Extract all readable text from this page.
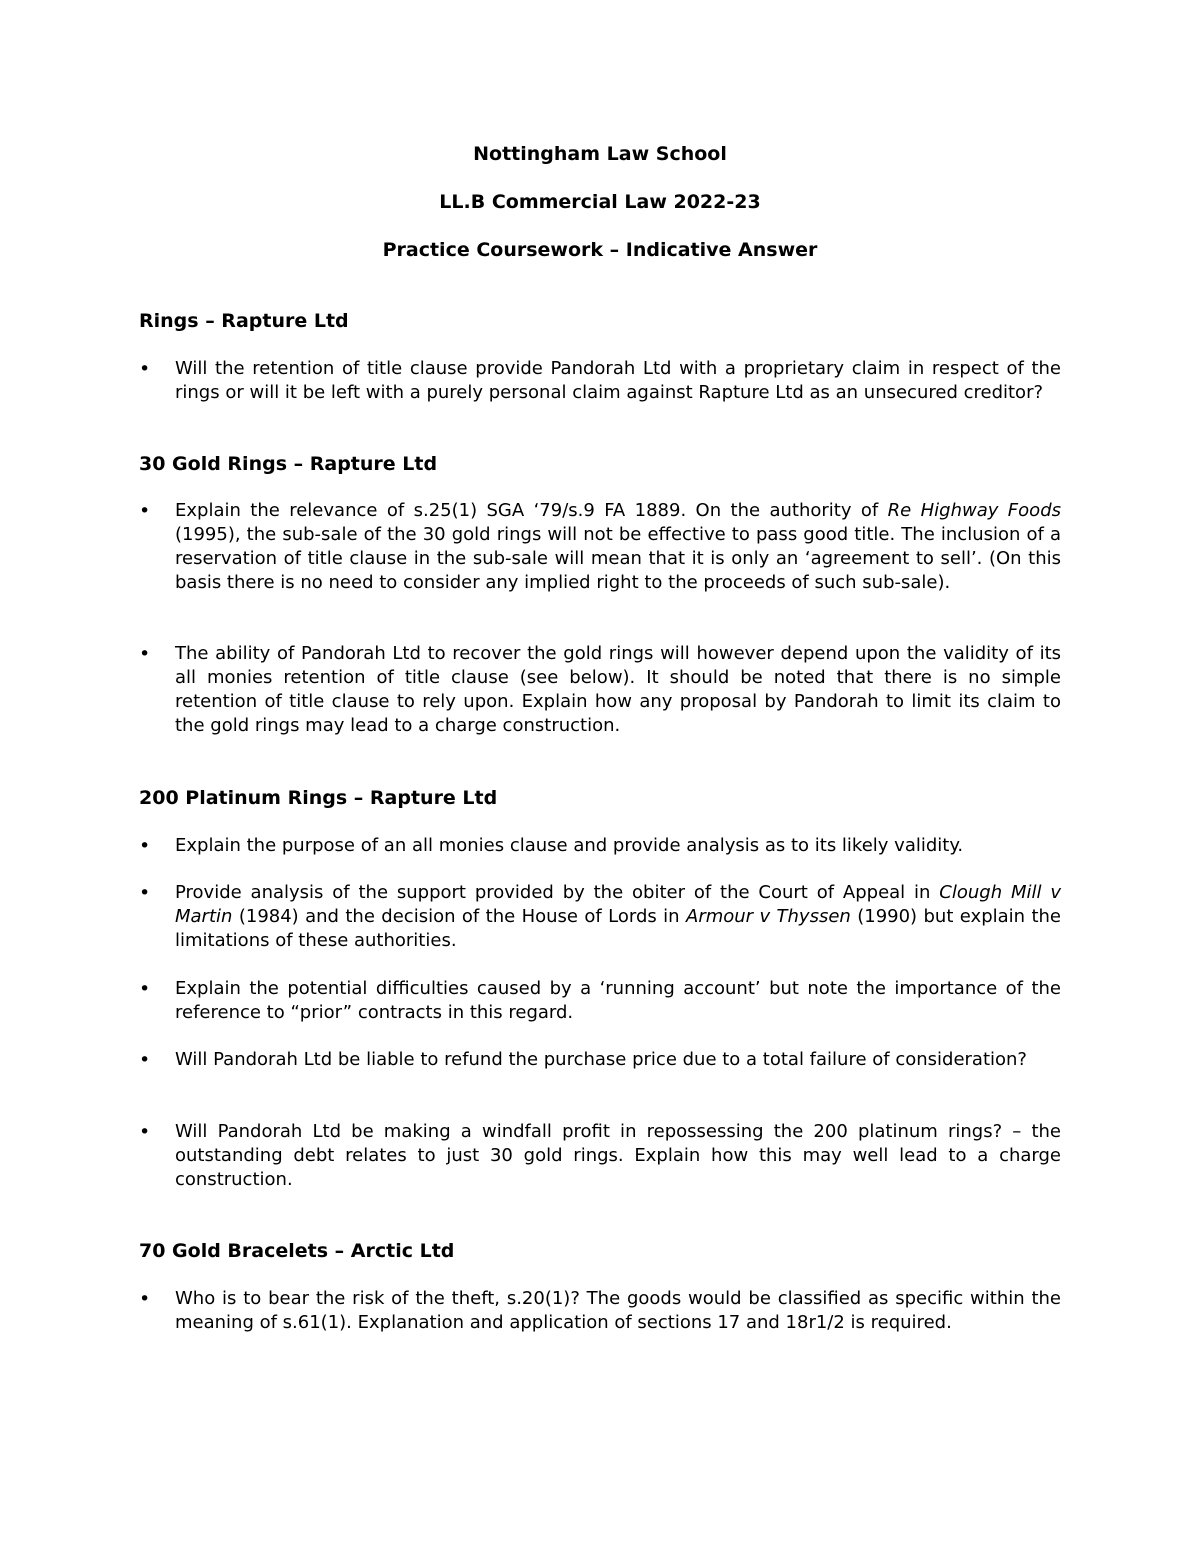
Nottingham Law School
LL.B Commercial Law 2022-23
Practice Coursework – Indicative Answer
Rings – Rapture Ltd
• Will the retention of title clause provide Pandorah Ltd with a proprietary claim in respect of the rings or will it be left with a purely personal claim against Rapture Ltd as an unsecured creditor?
30 Gold Rings – Rapture Ltd
• Explain the relevance of s.25(1) SGA ‘79/s.9 FA 1889. On the authority of Re Highway Foods (1995), the sub-sale of the 30 gold rings will not be effective to pass good title. The inclusion of a reservation of title clause in the sub-sale will mean that it is only an ‘agreement to sell’. (On this basis there is no need to consider any implied right to the proceeds of such sub-sale).
• The ability of Pandorah Ltd to recover the gold rings will however depend upon the validity of its all monies retention of title clause (see below). It should be noted that there is no simple retention of title clause to rely upon. Explain how any proposal by Pandorah to limit its claim to the gold rings may lead to a charge construction.
200 Platinum Rings – Rapture Ltd
• Explain the purpose of an all monies clause and provide analysis as to its likely validity.
• Provide analysis of the support provided by the obiter of the Court of Appeal in Clough Mill v Martin (1984) and the decision of the House of Lords in Armour v Thyssen (1990) but explain the limitations of these authorities.
• Explain the potential difficulties caused by a ‘running account’ but note the importance of the reference to “prior” contracts in this regard.
• Will Pandorah Ltd be liable to refund the purchase price due to a total failure of consideration?
• Will Pandorah Ltd be making a windfall profit in repossessing the 200 platinum rings? – the outstanding debt relates to just 30 gold rings. Explain how this may well lead to a charge construction.
70 Gold Bracelets – Arctic Ltd
• Who is to bear the risk of the theft, s.20(1)? The goods would be classified as specific within the meaning of s.61(1). Explanation and application of sections 17 and 18r1/2 is required.
